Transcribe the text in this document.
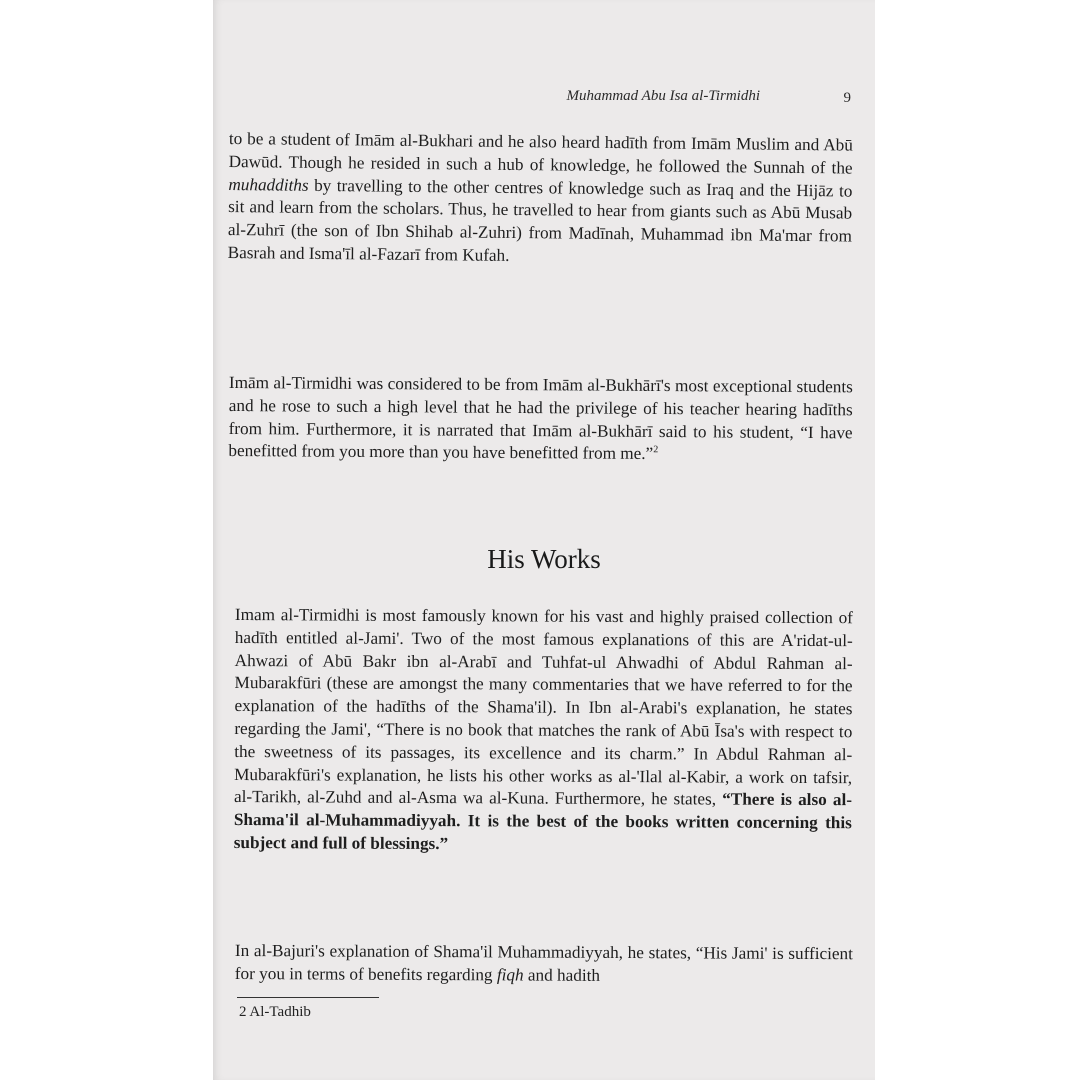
Muhammad Abu Isa al-Tirmidhi	9

to be a student of Imām al-Bukhari and he also heard hadīth from Imām Muslim and Abū Dawūd. Though he resided in such a hub of knowledge, he followed the Sunnah of the muhaddiths by travelling to the other centres of knowledge such as Iraq and the Hijāz to sit and learn from the scholars. Thus, he travelled to hear from giants such as Abū Musab al-Zuhrī (the son of Ibn Shihab al-Zuhri) from Madīnah, Muhammad ibn Ma'mar from Basrah and Isma'īl al-Fazarī from Kufah.

Imām al-Tirmidhi was considered to be from Imām al-Bukhārī's most exceptional students and he rose to such a high level that he had the privilege of his teacher hearing hadīths from him. Furthermore, it is narrated that Imām al-Bukhārī said to his student, “I have benefitted from you more than you have benefitted from me.”$^2$

His Works

Imam al-Tirmidhi is most famously known for his vast and highly praised collection of hadīth entitled al-Jami'. Two of the most famous explanations of this are A'ridat-ul-Ahwazi of Abū Bakr ibn al-Arabī and Tuhfat-ul Ahwadhi of Abdul Rahman al-Mubarakfūri (these are amongst the many commentaries that we have referred to for the explanation of the hadīths of the Shama'il). In Ibn al-Arabi's explanation, he states regarding the Jami', “There is no book that matches the rank of Abū Īsa's with respect to the sweetness of its passages, its excellence and its charm.” In Abdul Rahman al-Mubarakfūri's explanation, he lists his other works as al-'Ilal al-Kabir, a work on tafsir, al-Tarikh, al-Zuhd and al-Asma wa al-Kuna. Furthermore, he states, “There is also al-Shama'il al-Muhammadiyyah. It is the best of the books written concerning this subject and full of blessings.”

In al-Bajuri's explanation of Shama'il Muhammadiyyah, he states, “His Jami' is sufficient for you in terms of benefits regarding fiqh and hadith

2 Al-Tadhib
